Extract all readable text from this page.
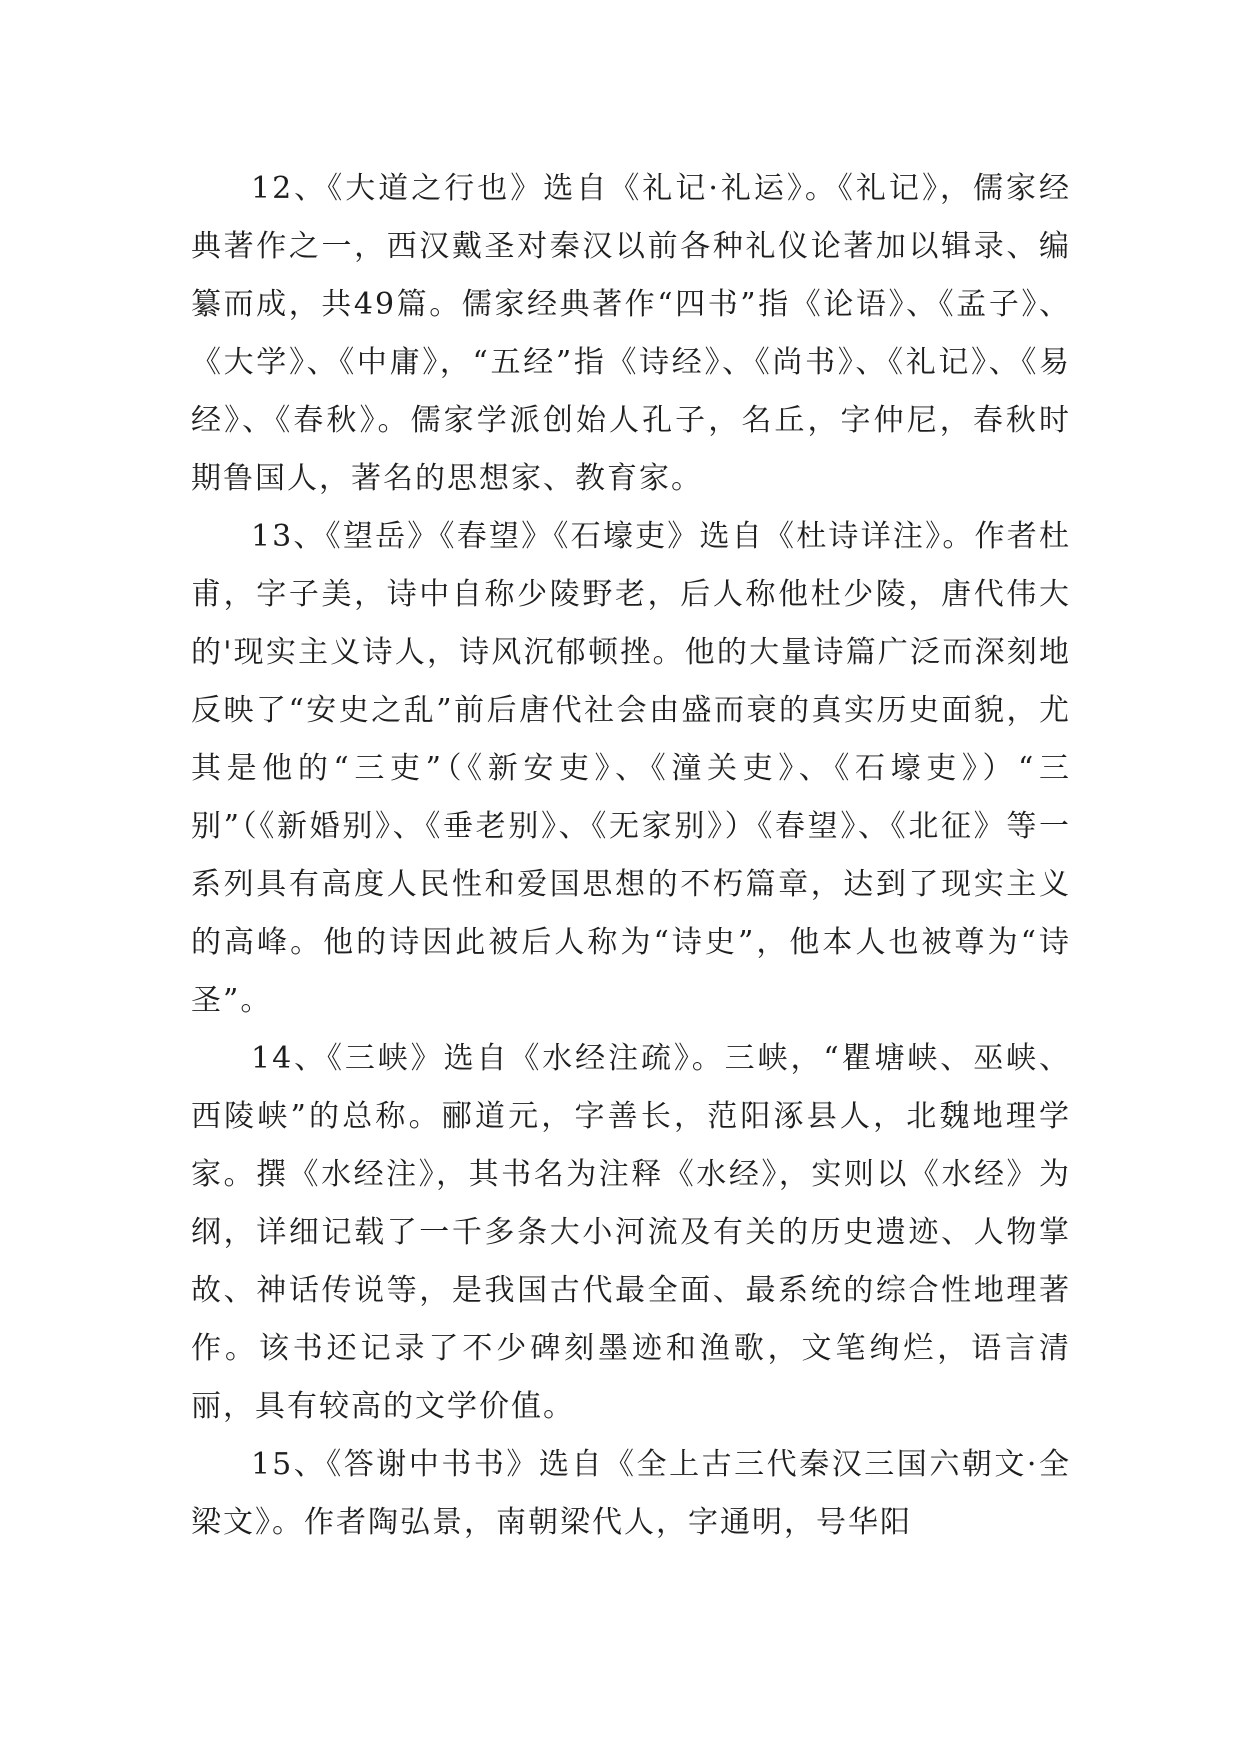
12、《大道之行也》选自《礼记·礼运》。《礼记》，儒家经典著作之一，西汉戴圣对秦汉以前各种礼仪论著加以辑录、编纂而成，共49篇。儒家经典著作“四书”指《论语》、《孟子》、《大学》、《中庸》，“五经”指《诗经》、《尚书》、《礼记》、《易经》、《春秋》。儒家学派创始人孔子，名丘，字仲尼，春秋时期鲁国人，著名的思想家、教育家。

13、《望岳》《春望》《石壕吏》选自《杜诗详注》。作者杜甫，字子美，诗中自称少陵野老，后人称他杜少陵，唐代伟大的'现实主义诗人，诗风沉郁顿挫。他的大量诗篇广泛而深刻地反映了“安史之乱”前后唐代社会由盛而衰的真实历史面貌，尤其是他的“三吏”（《新安吏》、《潼关吏》、《石壕吏》）“三别”（《新婚别》、《垂老别》、《无家别》）《春望》、《北征》等一系列具有高度人民性和爱国思想的不朽篇章，达到了现实主义的高峰。他的诗因此被后人称为“诗史”，他本人也被尊为“诗圣”。

14、《三峡》选自《水经注疏》。三峡，“瞿塘峡、巫峡、西陵峡”的总称。郦道元，字善长，范阳涿县人，北魏地理学家。撰《水经注》，其书名为注释《水经》，实则以《水经》为纲，详细记载了一千多条大小河流及有关的历史遗迹、人物掌故、神话传说等，是我国古代最全面、最系统的综合性地理著作。该书还记录了不少碑刻墨迹和渔歌，文笔绚烂，语言清丽，具有较高的文学价值。

15、《答谢中书书》选自《全上古三代秦汉三国六朝文·全梁文》。作者陶弘景，南朝梁代人，字通明，号华阳
